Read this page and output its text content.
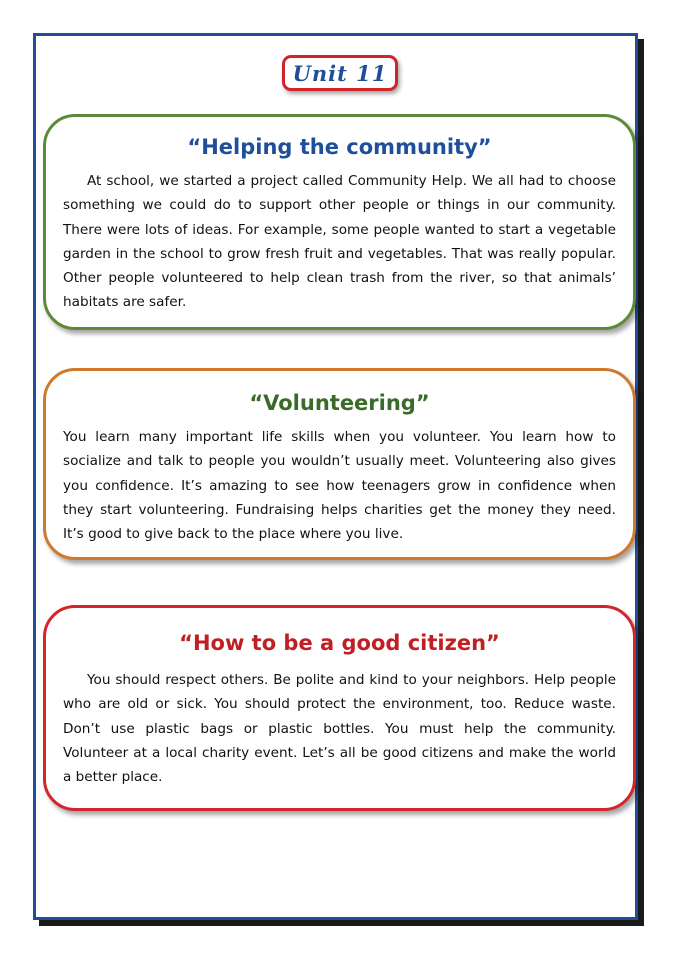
Unit 11
“Helping the community”

At school, we started a project called Community Help. We all had to choose something we could do to support other people or things in our community. There were lots of ideas. For example, some people wanted to start a vegetable garden in the school to grow fresh fruit and vegetables. That was really popular. Other people volunteered to help clean trash from the river, so that animals’ habitats are safer.

“Volunteering”

You learn many important life skills when you volunteer. You learn how to socialize and talk to people you wouldn’t usually meet. Volunteering also gives you confidence. It’s amazing to see how teenagers grow in confidence when they start volunteering. Fundraising helps charities get the money they need. It’s good to give back to the place where you live.

“How to be a good citizen”

You should respect others. Be polite and kind to your neighbors. Help people who are old or sick. You should protect the environment, too. Reduce waste. Don’t use plastic bags or plastic bottles. You must help the community. Volunteer at a local charity event. Let’s all be good citizens and make the world a better place.
